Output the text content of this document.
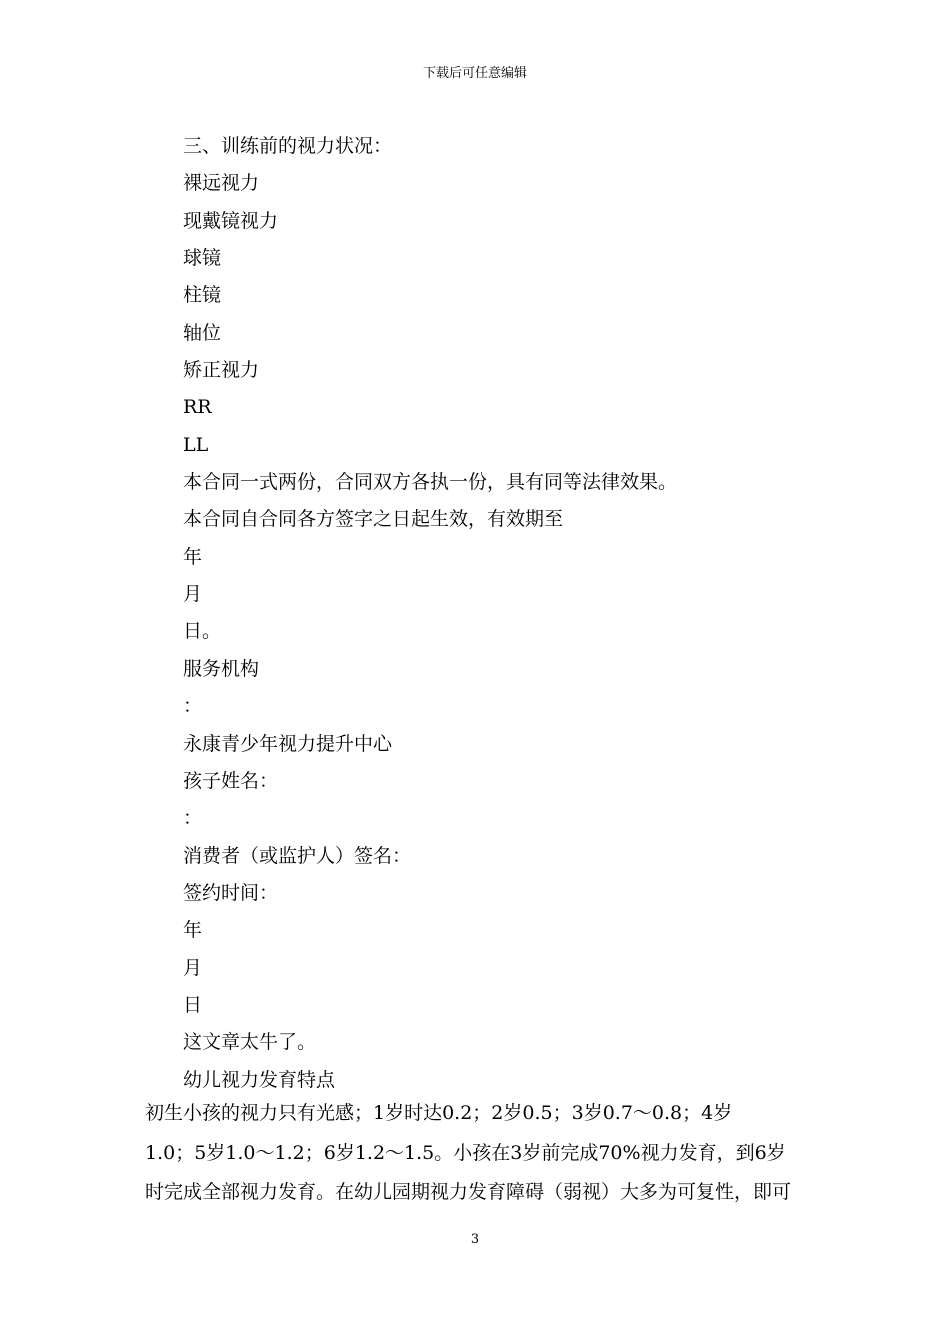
下载后可任意编辑
三、训练前的视力状况：
裸远视力
现戴镜视力
球镜
柱镜
轴位
矫正视力
RR
LL
本合同一式两份，合同双方各执一份，具有同等法律效果。
本合同自合同各方签字之日起生效，有效期至
年
月
日。
服务机构
：
永康青少年视力提升中心
孩子姓名：
：
消费者（或监护人）签名：
签约时间：
年
月
日
这文章太牛了。
幼儿视力发育特点

初生小孩的视力只有光感；1岁时达0.2；2岁0.5；3岁0.7～0.8；4岁
1.0；5岁1.0～1.2；6岁1.2～1.5。小孩在3岁前完成70%视力发育，到6岁
时完成全部视力发育。在幼儿园期视力发育障碍（弱视）大多为可复性，即可

3
